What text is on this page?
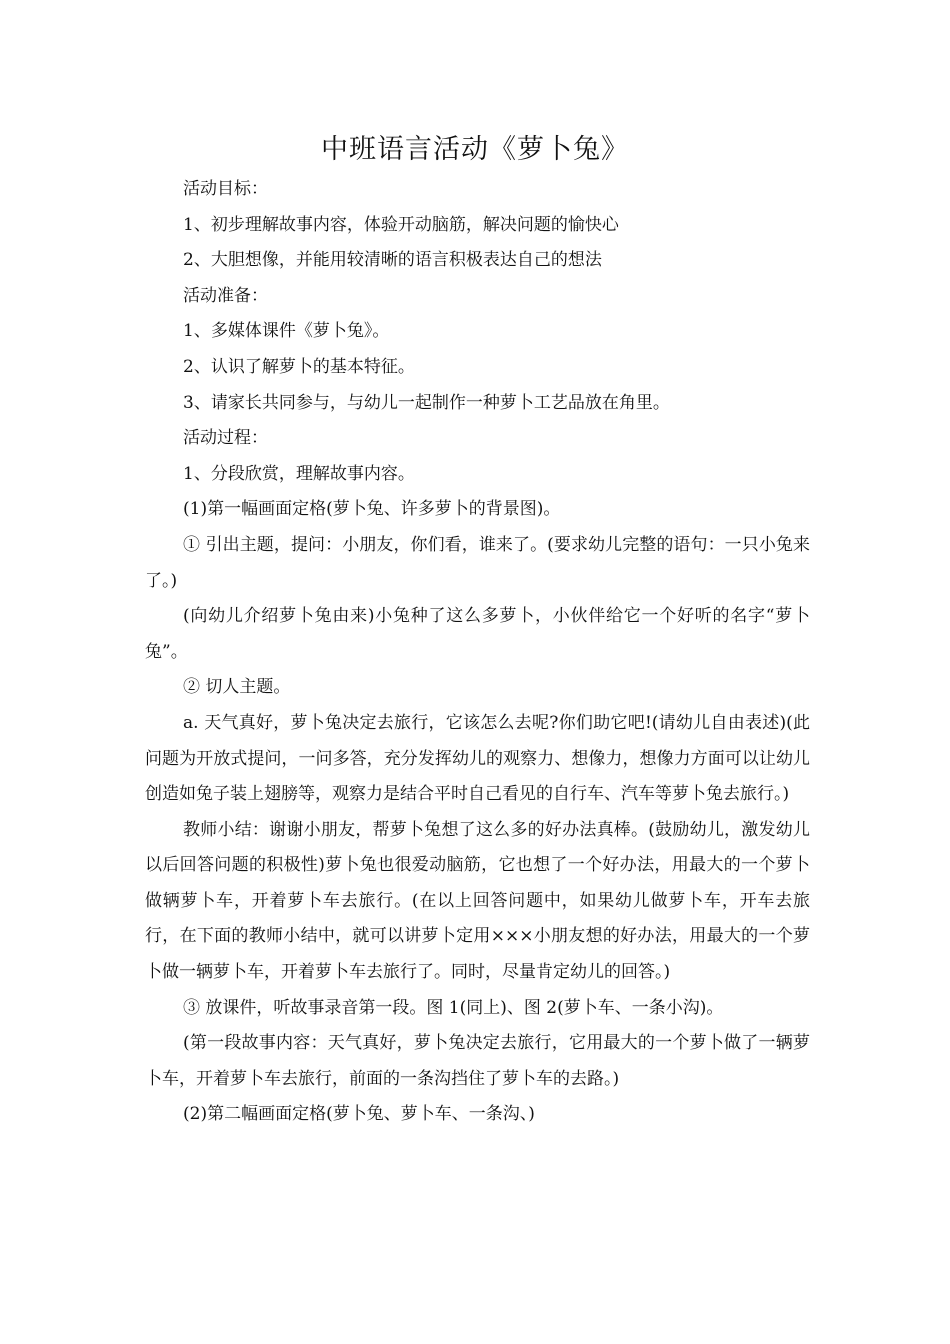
中班语言活动《萝卜兔》

活动目标：

1、初步理解故事内容，体验开动脑筋，解决问题的愉快心

2、大胆想像，并能用较清晰的语言积极表达自己的想法

活动准备：

1、多媒体课件《萝卜兔》。

2、认识了解萝卜的基本特征。

3、请家长共同参与，与幼儿一起制作一种萝卜工艺品放在角里。

活动过程：

1、分段欣赏，理解故事内容。

(1)第一幅画面定格(萝卜兔、许多萝卜的背景图)。

① 引出主题，提问：小朋友，你们看，谁来了。(要求幼儿完整的语句：一只小兔来了。)

(向幼儿介绍萝卜兔由来)小兔种了这么多萝卜，小伙伴给它一个好听的名字“萝卜兔”。

② 切人主题。

a. 天气真好，萝卜兔决定去旅行，它该怎么去呢?你们助它吧!(请幼儿自由表述)(此问题为开放式提问，一问多答，充分发挥幼儿的观察力、想像力，想像力方面可以让幼儿创造如兔子装上翅膀等，观察力是结合平时自己看见的自行车、汽车等萝卜兔去旅行。)

教师小结：谢谢小朋友，帮萝卜兔想了这么多的好办法真棒。(鼓励幼儿，激发幼儿以后回答问题的积极性)萝卜兔也很爱动脑筋，它也想了一个好办法，用最大的一个萝卜做辆萝卜车，开着萝卜车去旅行。(在以上回答问题中，如果幼儿做萝卜车，开车去旅行，在下面的教师小结中，就可以讲萝卜定用×××小朋友想的好办法，用最大的一个萝卜做一辆萝卜车，开着萝卜车去旅行了。同时，尽量肯定幼儿的回答。)

③ 放课件，听故事录音第一段。图 1(同上)、图 2(萝卜车、一条小沟)。

(第一段故事内容：天气真好，萝卜兔决定去旅行，它用最大的一个萝卜做了一辆萝卜车，开着萝卜车去旅行，前面的一条沟挡住了萝卜车的去路。)

(2)第二幅画面定格(萝卜兔、萝卜车、一条沟、)
